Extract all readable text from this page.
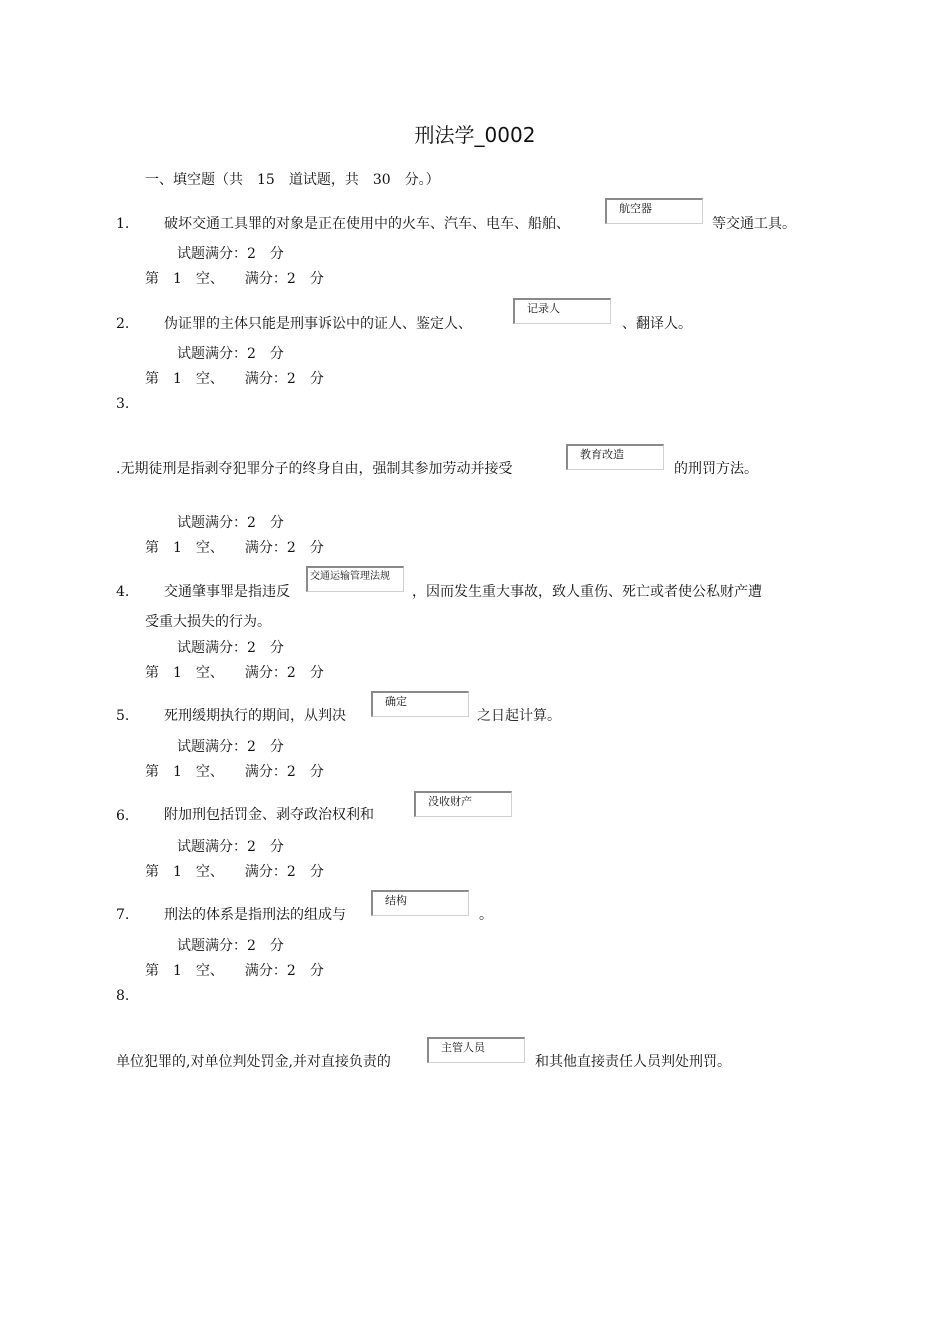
刑法学_0002
一、填空题（共　15　道试题，共　30　分。）
1. 破坏交通工具罪的对象是正在使用中的火车、汽车、电车、船舶、
航空器
等交通工具。
试题满分：2　分
第　1　空、　　满分：2　分
2. 伪证罪的主体只能是刑事诉讼中的证人、鉴定人、
记录人
、翻译人。
试题满分：2　分
第　1　空、　　满分：2　分
3.
.无期徒刑是指剥夺犯罪分子的终身自由，强制其参加劳动并接受
教育改造
的刑罚方法。
试题满分：2　分
第　1　空、　　满分：2　分
4. 交通肇事罪是指违反
交通运输管理法规
，因而发生重大事故，致人重伤、死亡或者使公私财产遭
受重大损失的行为。
试题满分：2　分
第　1　空、　　满分：2　分
5. 死刑缓期执行的期间，从判决
确定
之日起计算。
试题满分：2　分
第　1　空、　　满分：2　分
6. 附加刑包括罚金、剥夺政治权利和
没收财产
试题满分：2　分
第　1　空、　　满分：2　分
7. 刑法的体系是指刑法的组成与
结构
。
试题满分：2　分
第　1　空、　　满分：2　分
8.
单位犯罪的,对单位判处罚金,并对直接负责的
主管人员
和其他直接责任人员判处刑罚。
